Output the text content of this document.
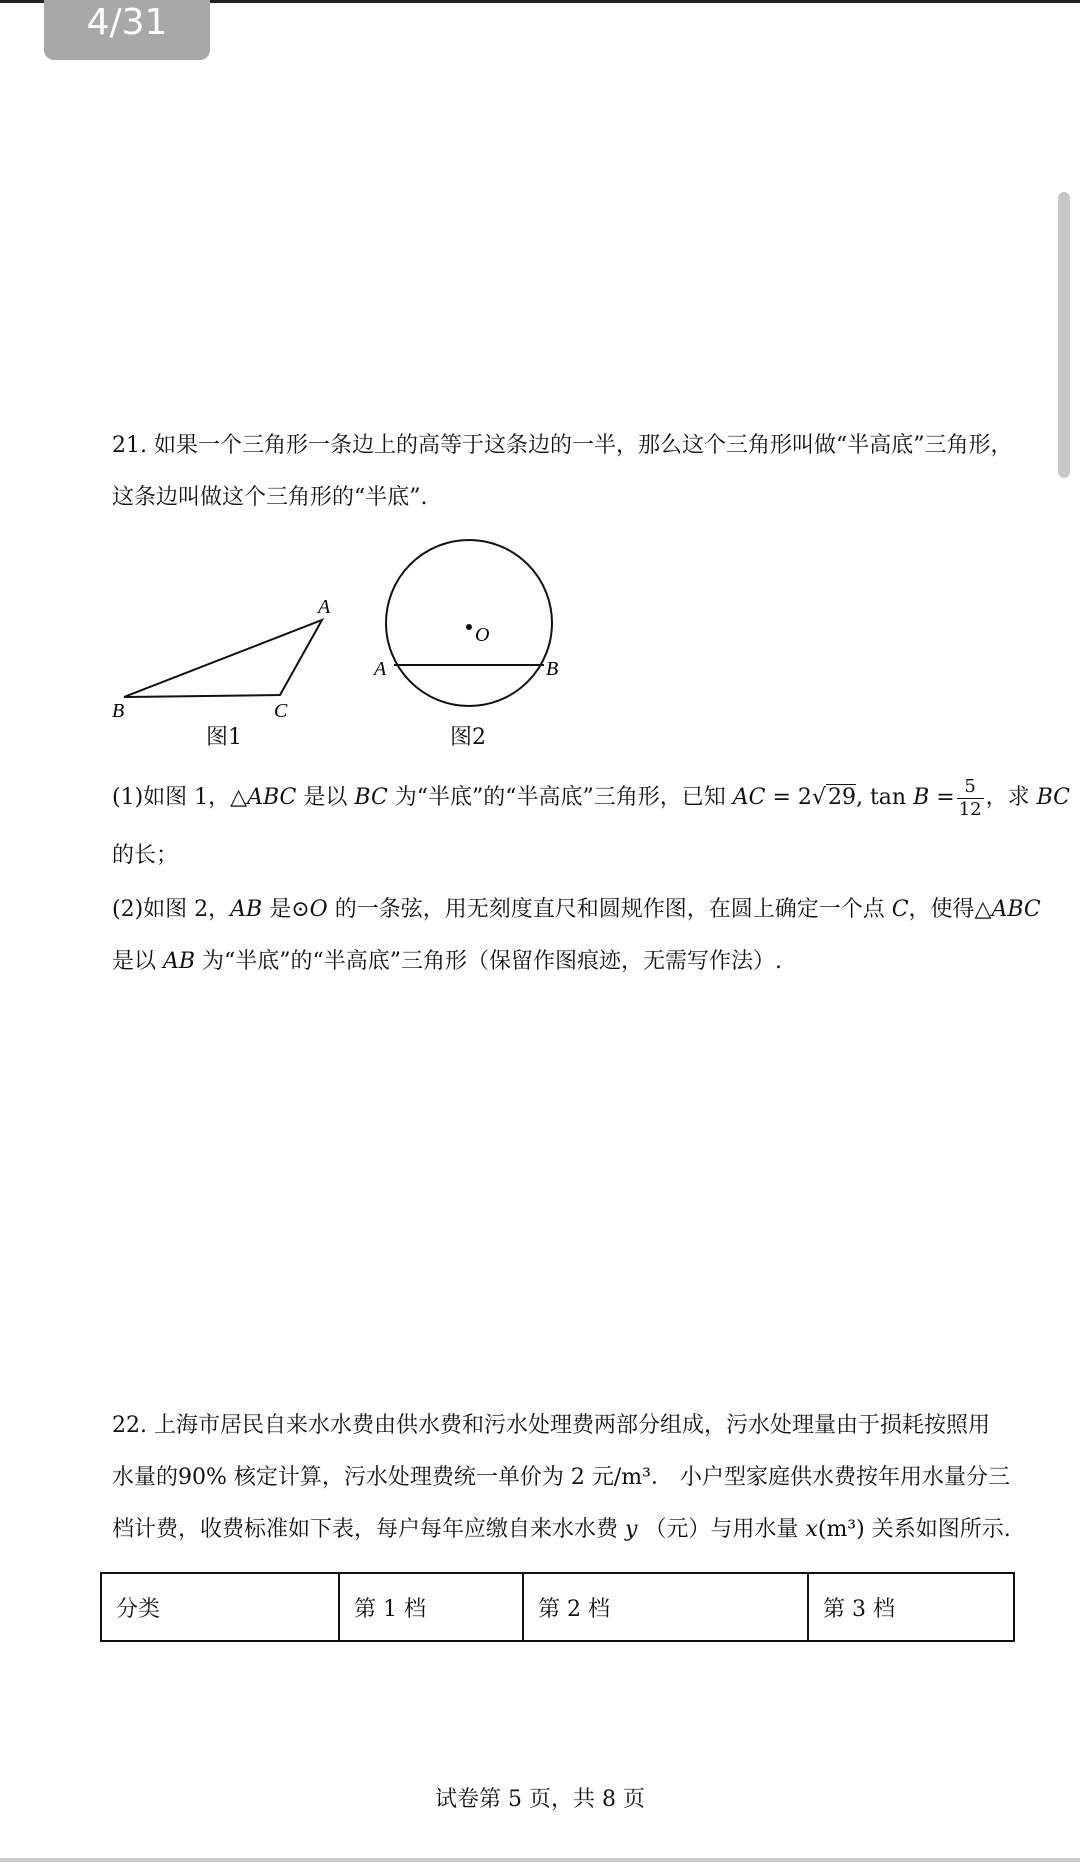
4/31

21. 如果一个三角形一条边上的高等于这条边的一半，那么这个三角形叫做“半高底”三角形，

这条边叫做这个三角形的“半底”.

A
B	C
图1
O
A	B
图2

(1)如图 1，△ABC 是以 BC 为“半底”的“半高底”三角形，已知 AC = 2√29, $\tan B = \frac{5}{12}$ ，求 BC

的长；

(2)如图 2，AB 是⊙O 的一条弦，用无刻度直尺和圆规作图，在圆上确定一个点 C，使得△ABC

是以 AB 为“半底”的“半高底”三角形（保留作图痕迹，无需写作法）.

22. 上海市居民自来水水费由供水费和污水处理费两部分组成，污水处理量由于损耗按照用

水量的90% 核定计算，污水处理费统一单价为 2 元/m³． 小户型家庭供水费按年用水量分三

档计费，收费标准如下表，每户每年应缴自来水水费 y （元）与用水量 x(m³) 关系如图所示.

分类	第 1 档	第 2 档	第 3 档
试卷第 5 页，共 8 页
